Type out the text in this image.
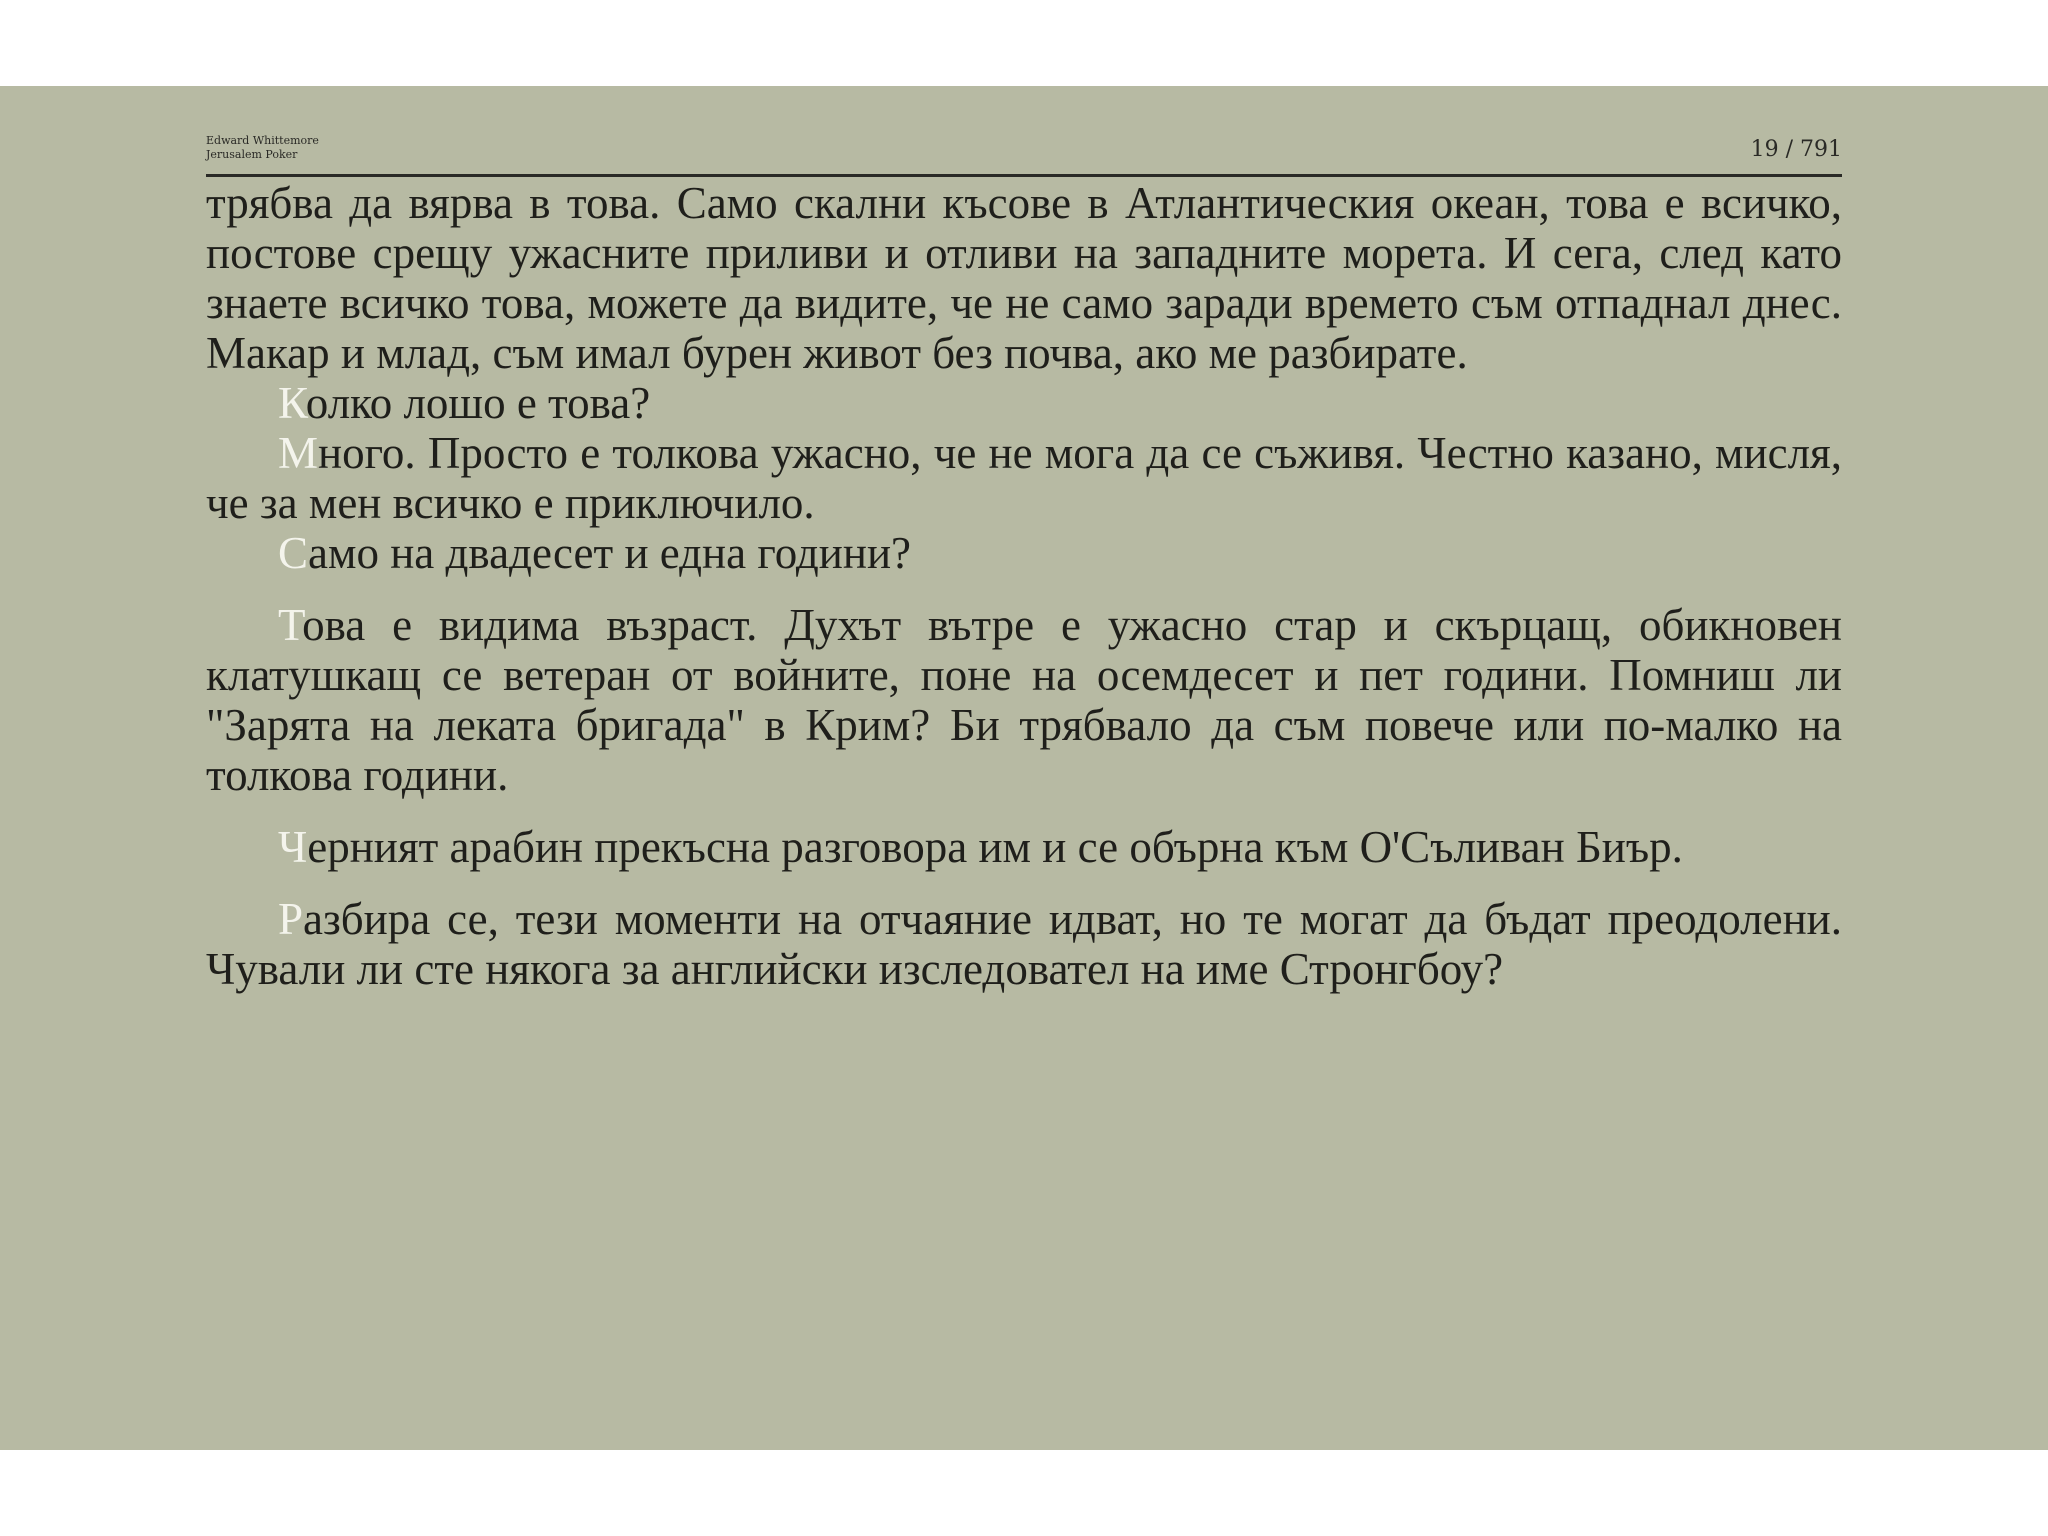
Edward Whittemore
Jerusalem Poker	19 / 791

трябва да вярва в това. Само скални късове в Атлантическия океан, това е всичко, постове срещу ужасните приливи и отливи на западните морета. И сега, след като знаете всичко това, можете да видите, че не само заради времето съм отпаднал днес. Макар и млад, съм имал бурен живот без почва, ако ме разбирате.

Колко лошо е това?

Много. Просто е толкова ужасно, че не мога да се съживя. Честно казано, мисля, че за мен всичко е приключило.

Само на двадесет и една години?

Това е видима възраст. Духът вътре е ужасно стар и скърцащ, обикновен клатушкащ се ветеран от войните, поне на осемдесет и пет години. Помниш ли "Зарята на леката бригада" в Крим? Би трябвало да съм повече или по-малко на толкова години.

Черният арабин прекъсна разговора им и се обърна към О'Съливан Биър.

Разбира се, тези моменти на отчаяние идват, но те могат да бъдат преодолени. Чували ли сте някога за английски изследовател на име Стронгбоу?
